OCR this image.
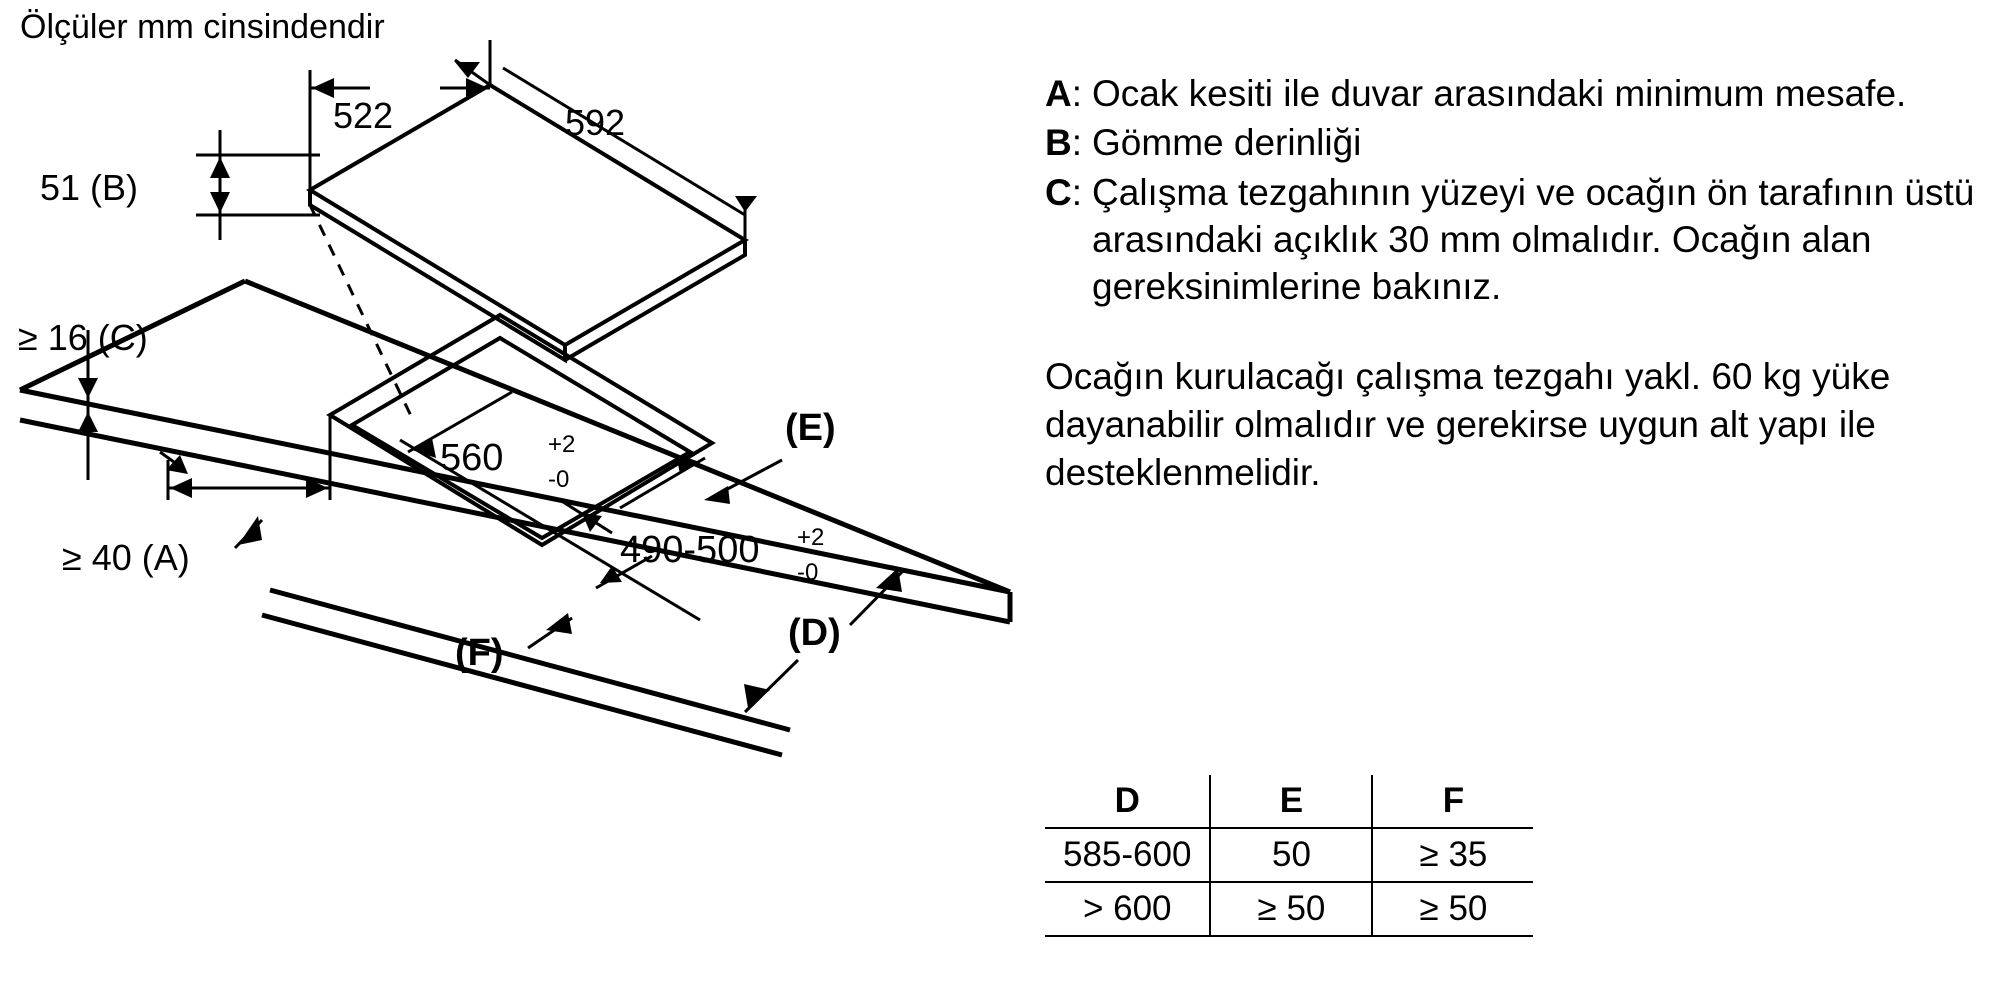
Ölçüler mm cinsindendir
592
522
51 (B)
560 +2
-0
490-500 +2
-0
≥ 16 (C)
≥ 40 (A)
(E)
(D)
(F)
A : Ocak kesiti ile duvar arasındaki minimum mesafe.
B : Gömme derinliği
C : Çalışma tezgahının yüzeyi ve ocağın ön tarafının üstü arasındaki açıklık 30 mm olmalıdır. Ocağın alan gereksinimlerine bakınız.
Ocağın kurulacağı çalışma tezgahı yakl. 60 kg yüke dayanabilir olmalıdır ve gerekirse uygun alt yapı ile desteklenmelidir.
D	E	F
585-600	50	≥ 35
> 600	≥ 50	≥ 50
